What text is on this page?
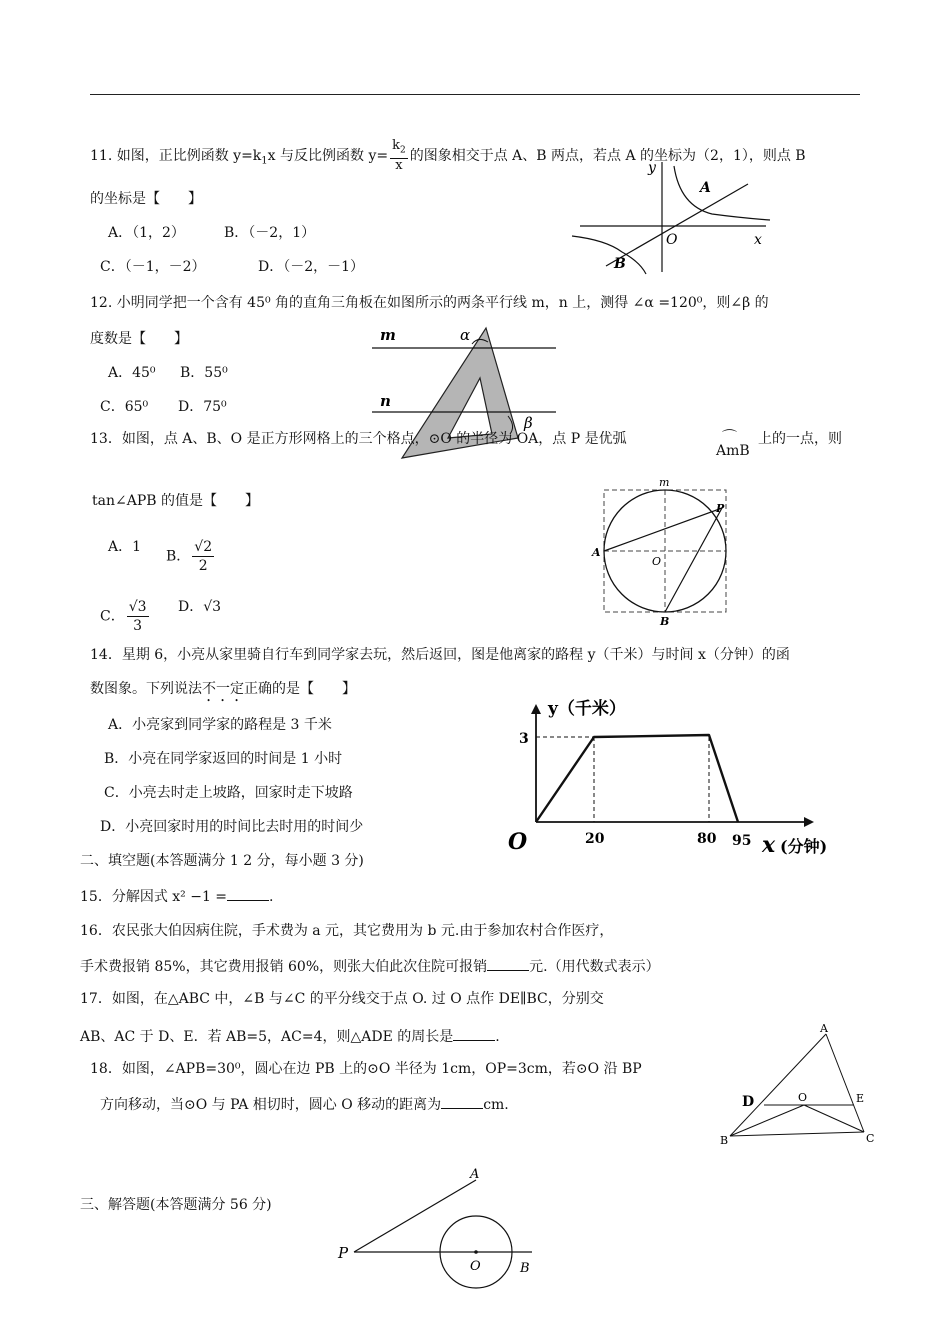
11. 如图，正比例函数 $y=k_1x$ 与反比例函数 $y= \frac{k_2}{x}$ 的图象相交于点 A、B 两点，若点 A 的坐标为（2，1），则点 B
的坐标是【　　】
A．（1，2）	B．（－2，1）
C．（－1，－2）	D．（－2，－1）
y
x
O
A
B
12. 小明同学把一个含有 45⁰ 角的直角三角板在如图所示的两条平行线 m，n 上，测得 ∠α =120⁰，则∠β 的
度数是【　　】
A．45⁰ B．55⁰
C．65⁰ D．75⁰
m
n
α
β
13．如图，点 A、B、O 是正方形网格上的三个格点，⊙O 的半径为 OA，点 P 是优弧	⌒
AmB
上的一点，则
tan∠APB 的值是【　　】
A．1
B． $\frac{√2}{2}$
C． $\frac{√3}{3}$ D．√3
m
P
A
O
B
14．星期 6，小亮从家里骑自行车到同学家去玩，然后返回，图是他离家的路程 y（千米）与时间 x（分钟）的函
数图象。下列说法不一定正确的是【　　】
A．小亮家到同学家的路程是 3 千米
B．小亮在同学家返回的时间是 1 小时
C．小亮去时走上坡路，回家时走下坡路
D．小亮回家时用的时间比去时用的时间少
y（千米）
O
3
20	80 95 x (分钟)
二、填空题(本答题满分 1 2 分，每小题 3 分)
15．分解因式 x² −1 =	.
16．农民张大伯因病住院，手术费为 a 元，其它费用为 b 元.由于参加农村合作医疗，
手术费报销 85%，其它费用报销 60%，则张大伯此次住院可报销	元.（用代数式表示）
17．如图，在△ABC 中，∠B 与∠C 的平分线交于点 O. 过 O 点作 DE∥BC，分别交
AB、AC 于 D、E．若 AB=5，AC=4，则△ADE 的周长是	.
A
D	O	E
B	C
18．如图，∠APB=30⁰，圆心在边 PB 上的⊙O 半径为 1cm，OP=3cm，若⊙O 沿 BP
方向移动，当⊙O 与 PA 相切时，圆心 O 移动的距离为	cm.
三、解答题(本答题满分 56 分)
A
P
O	B
